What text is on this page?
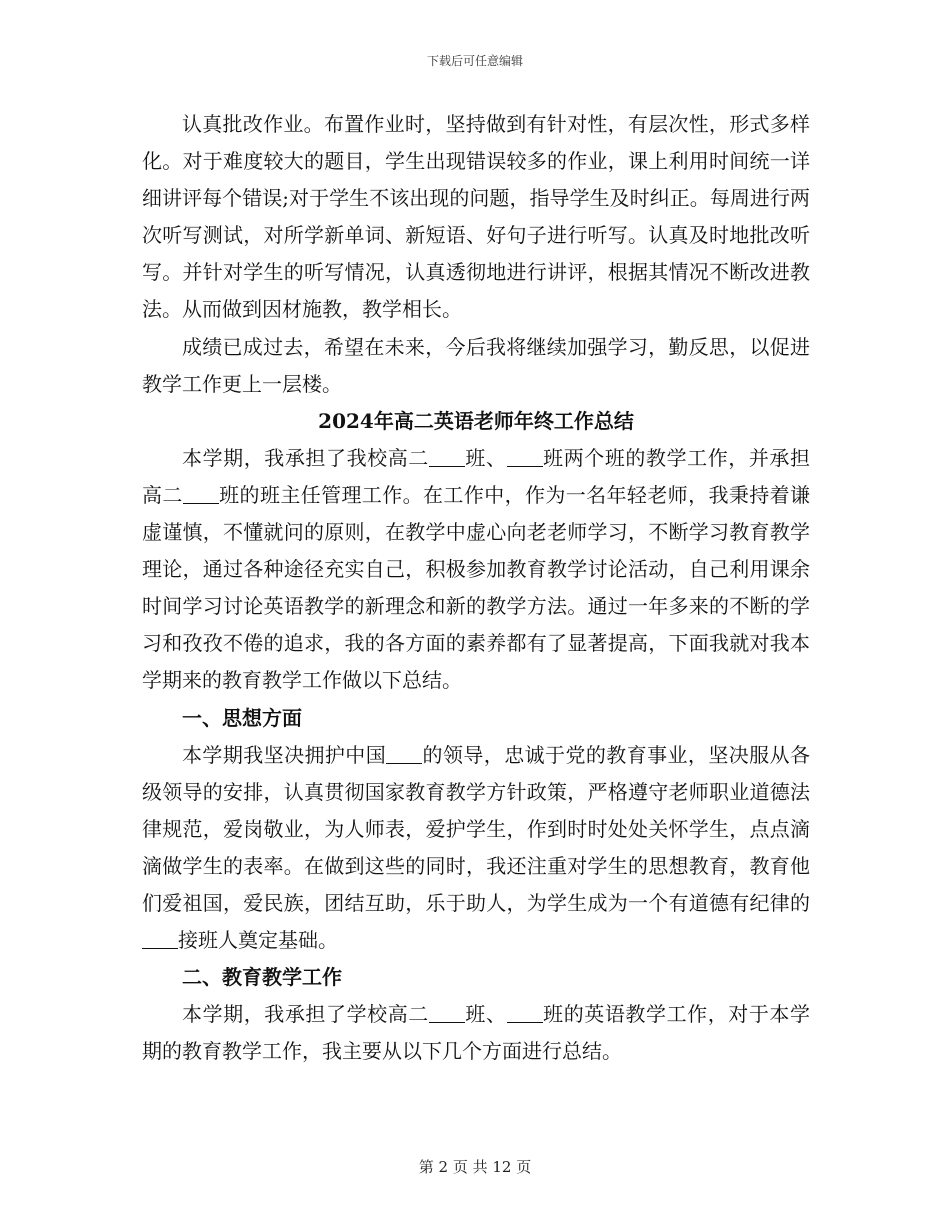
下载后可任意编辑

认真批改作业。布置作业时，坚持做到有针对性，有层次性，形式多样化。对于难度较大的题目，学生出现错误较多的作业，课上利用时间统一详细讲评每个错误;对于学生不该出现的问题，指导学生及时纠正。每周进行两次听写测试，对所学新单词、新短语、好句子进行听写。认真及时地批改听写。并针对学生的听写情况，认真透彻地进行讲评，根据其情况不断改进教法。从而做到因材施教，教学相长。

成绩已成过去，希望在未来，今后我将继续加强学习，勤反思，以促进教学工作更上一层楼。

2024年高二英语老师年终工作总结

本学期，我承担了我校高二 班、 班两个班的教学工作，并承担高二 班的班主任管理工作。在工作中，作为一名年轻老师，我秉持着谦虚谨慎，不懂就问的原则，在教学中虚心向老老师学习，不断学习教育教学理论，通过各种途径充实自己，积极参加教育教学讨论活动，自己利用课余时间学习讨论英语教学的新理念和新的教学方法。通过一年多来的不断的学习和孜孜不倦的追求，我的各方面的素养都有了显著提高，下面我就对我本学期来的教育教学工作做以下总结。

一、思想方面

本学期我坚决拥护中国 的领导，忠诚于党的教育事业，坚决服从各级领导的安排，认真贯彻国家教育教学方针政策，严格遵守老师职业道德法律规范，爱岗敬业，为人师表，爱护学生，作到时时处处关怀学生，点点滴滴做学生的表率。在做到这些的同时，我还注重对学生的思想教育，教育他们爱祖国，爱民族，团结互助，乐于助人，为学生成为一个有道德有纪律的接班人奠定基础。

二、教育教学工作

本学期，我承担了学校高二 班、 班的英语教学工作，对于本学期的教育教学工作，我主要从以下几个方面进行总结。

第 2 页 共 12 页
